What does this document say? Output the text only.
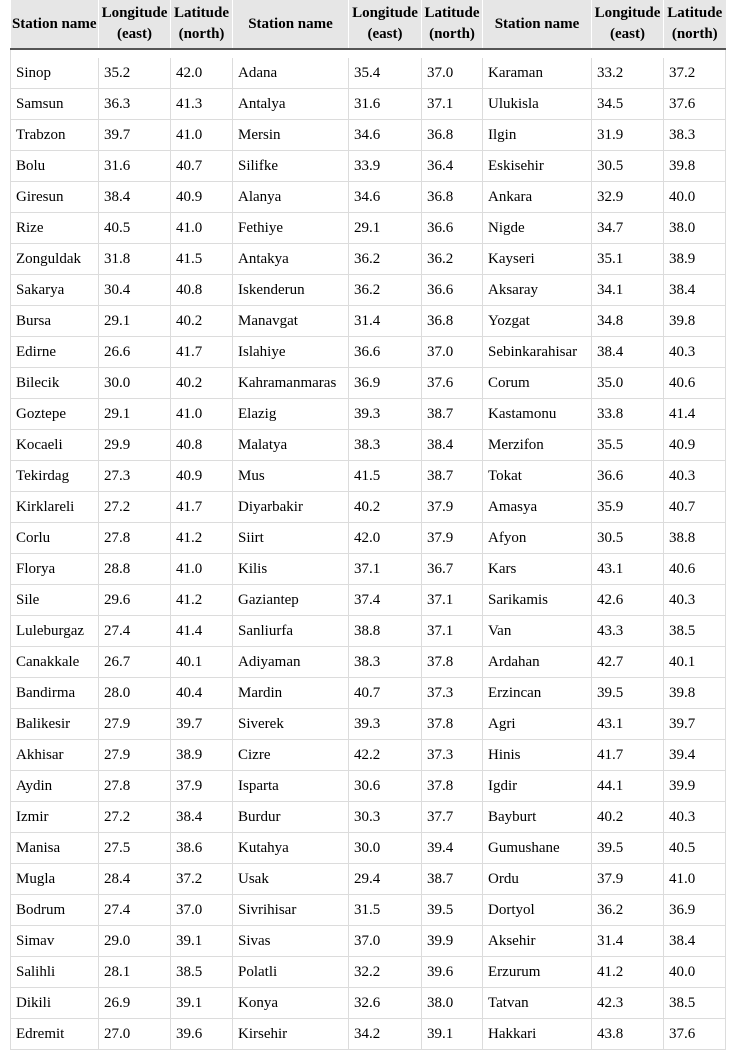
Station name	Longitude (east)	Latitude (north)	Station name	Longitude (east)	Latitude (north)	Station name	Longitude (east)	Latitude (north)

Sinop	35.2	42.0	Adana	35.4	37.0	Karaman	33.2	37.2
Samsun	36.3	41.3	Antalya	31.6	37.1	Ulukisla	34.5	37.6
Trabzon	39.7	41.0	Mersin	34.6	36.8	Ilgin	31.9	38.3
Bolu	31.6	40.7	Silifke	33.9	36.4	Eskisehir	30.5	39.8
Giresun	38.4	40.9	Alanya	34.6	36.8	Ankara	32.9	40.0
Rize	40.5	41.0	Fethiye	29.1	36.6	Nigde	34.7	38.0
Zonguldak	31.8	41.5	Antakya	36.2	36.2	Kayseri	35.1	38.9
Sakarya	30.4	40.8	Iskenderun	36.2	36.6	Aksaray	34.1	38.4
Bursa	29.1	40.2	Manavgat	31.4	36.8	Yozgat	34.8	39.8
Edirne	26.6	41.7	Islahiye	36.6	37.0	Sebinkarahisar	38.4	40.3
Bilecik	30.0	40.2	Kahramanmaras	36.9	37.6	Corum	35.0	40.6
Goztepe	29.1	41.0	Elazig	39.3	38.7	Kastamonu	33.8	41.4
Kocaeli	29.9	40.8	Malatya	38.3	38.4	Merzifon	35.5	40.9
Tekirdag	27.3	40.9	Mus	41.5	38.7	Tokat	36.6	40.3
Kirklareli	27.2	41.7	Diyarbakir	40.2	37.9	Amasya	35.9	40.7
Corlu	27.8	41.2	Siirt	42.0	37.9	Afyon	30.5	38.8
Florya	28.8	41.0	Kilis	37.1	36.7	Kars	43.1	40.6
Sile	29.6	41.2	Gaziantep	37.4	37.1	Sarikamis	42.6	40.3
Luleburgaz	27.4	41.4	Sanliurfa	38.8	37.1	Van	43.3	38.5
Canakkale	26.7	40.1	Adiyaman	38.3	37.8	Ardahan	42.7	40.1
Bandirma	28.0	40.4	Mardin	40.7	37.3	Erzincan	39.5	39.8
Balikesir	27.9	39.7	Siverek	39.3	37.8	Agri	43.1	39.7
Akhisar	27.9	38.9	Cizre	42.2	37.3	Hinis	41.7	39.4
Aydin	27.8	37.9	Isparta	30.6	37.8	Igdir	44.1	39.9
Izmir	27.2	38.4	Burdur	30.3	37.7	Bayburt	40.2	40.3
Manisa	27.5	38.6	Kutahya	30.0	39.4	Gumushane	39.5	40.5
Mugla	28.4	37.2	Usak	29.4	38.7	Ordu	37.9	41.0
Bodrum	27.4	37.0	Sivrihisar	31.5	39.5	Dortyol	36.2	36.9
Simav	29.0	39.1	Sivas	37.0	39.9	Aksehir	31.4	38.4
Salihli	28.1	38.5	Polatli	32.2	39.6	Erzurum	41.2	40.0
Dikili	26.9	39.1	Konya	32.6	38.0	Tatvan	42.3	38.5
Edremit	27.0	39.6	Kirsehir	34.2	39.1	Hakkari	43.8	37.6
